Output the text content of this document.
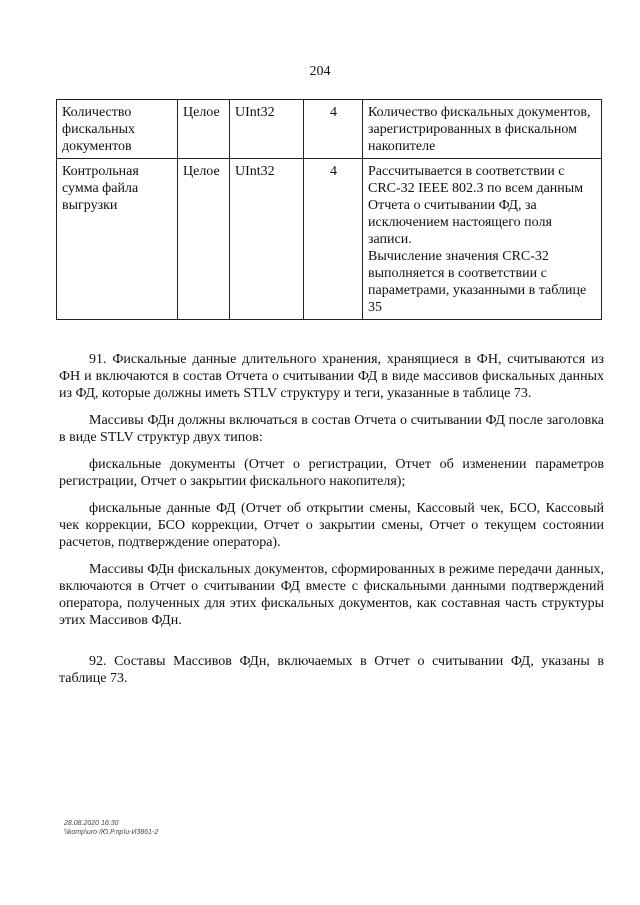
204
Количество фискальных документов	Целое	UInt32	4	Количество фискальных документов, зарегистрированных в фискальном накопителе
Контрольная сумма файла выгрузки	Целое	UInt32	4	Рассчитывается в соответствии с CRC-32 IEEE 802.3 по всем данным Отчета о считывании ФД, за исключением настоящего поля записи.
Вычисление значения CRC-32 выполняется в соответствии с параметрами, указанными в таблице 35

91. Фискальные данные длительного хранения, хранящиеся в ФН, считываются из ФН и включаются в состав Отчета о считывании ФД в виде массивов фискальных данных из ФД, которые должны иметь STLV структуру и теги, указанные в таблице 73.

Массивы ФДн должны включаться в состав Отчета о считывании ФД после заголовка в виде STLV структур двух типов:

фискальные документы (Отчет о регистрации, Отчет об изменении параметров регистрации, Отчет о закрытии фискального накопителя);

фискальные данные ФД (Отчет об открытии смены, Кассовый чек, БСО, Кассовый чек коррекции, БСО коррекции, Отчет о закрытии смены, Отчет о текущем состоянии расчетов, подтверждение оператора).

Массивы ФДн фискальных документов, сформированных в режиме передачи данных, включаются в Отчет о считывании ФД вместе с фискальными данными подтверждений оператора, полученных для этих фискальных документов, как составная часть структуры этих Массивов ФДн.

92. Составы Массивов ФДн, включаемых в Отчет о считывании ФД, указаны в таблице 73.

28.08.2020 16:30
\\komp\uro /Ю.Р.пр\и-И3861-2
